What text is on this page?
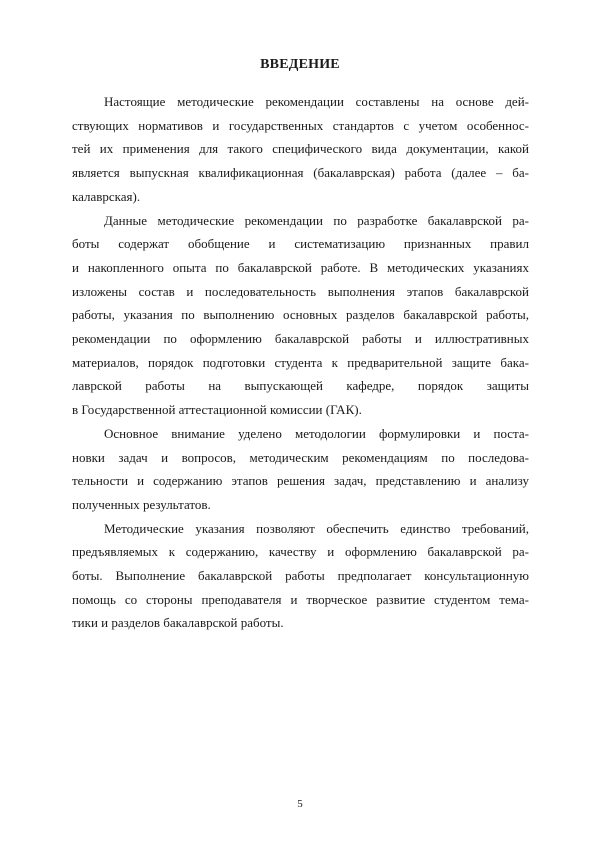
ВВЕДЕНИЕ

Настоящие методические рекомендации составлены на основе дей-
ствующих нормативов и государственных стандартов с учетом особеннос-
тей их применения для такого специфического вида документации, какой
является выпускная квалификационная (бакалаврская) работа (далее – ба-
калаврская).

Данные методические рекомендации по разработке бакалаврской ра-
боты содержат обобщение и систематизацию признанных правил
и накопленного опыта по бакалаврской работе. В методических указаниях
изложены состав и последовательность выполнения этапов бакалаврской
работы, указания по выполнению основных разделов бакалаврской работы,
рекомендации по оформлению бакалаврской работы и иллюстративных
материалов, порядок подготовки студента к предварительной защите бака-
лаврской работы на выпускающей кафедре, порядок защиты
в Государственной аттестационной комиссии (ГАК).

Основное внимание уделено методологии формулировки и поста-
новки задач и вопросов, методическим рекомендациям по последова-
тельности и содержанию этапов решения задач, представлению и анализу
полученных результатов.

Методические указания позволяют обеспечить единство требований,
предъявляемых к содержанию, качеству и оформлению бакалаврской ра-
боты. Выполнение бакалаврской работы предполагает консультационную
помощь со стороны преподавателя и творческое развитие студентом тема-
тики и разделов бакалаврской работы.

5
